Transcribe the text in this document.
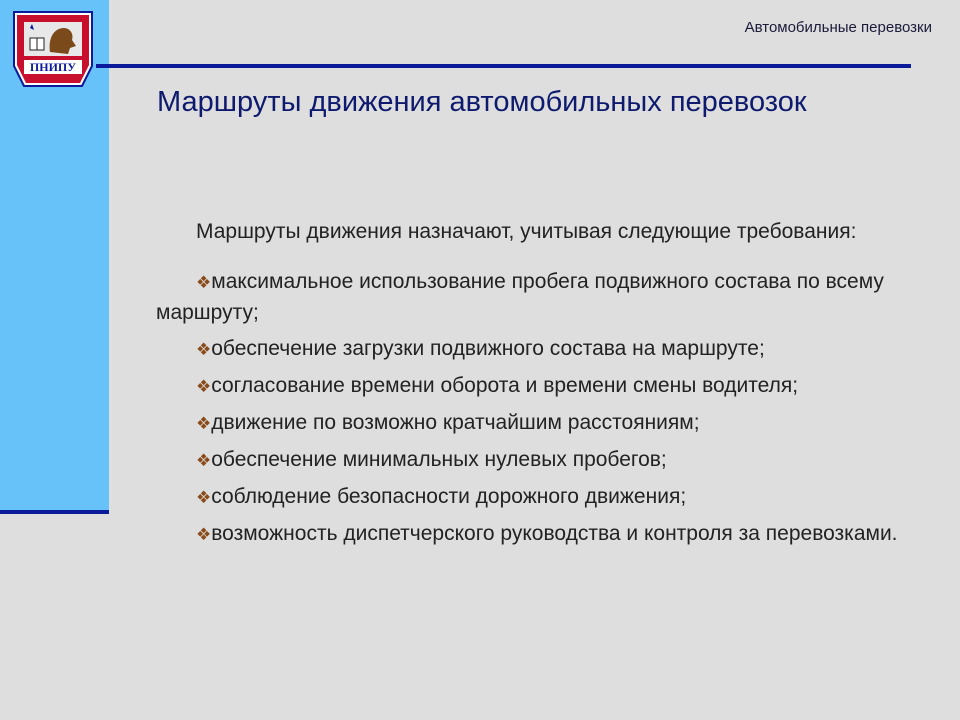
ПНИПУ
Автомобильные перевозки
Маршруты движения автомобильных перевозок

Маршруты движения назначают, учитывая следующие требования:

❖максимальное использование пробега подвижного состава по всему маршруту;
❖обеспечение загрузки подвижного состава на маршруте;
❖согласование времени оборота и времени смены водителя;
❖движение по возможно кратчайшим расстояниям;
❖обеспечение минимальных нулевых пробегов;
❖соблюдение безопасности дорожного движения;
❖возможность диспетчерского руководства и контроля за перевозками.
